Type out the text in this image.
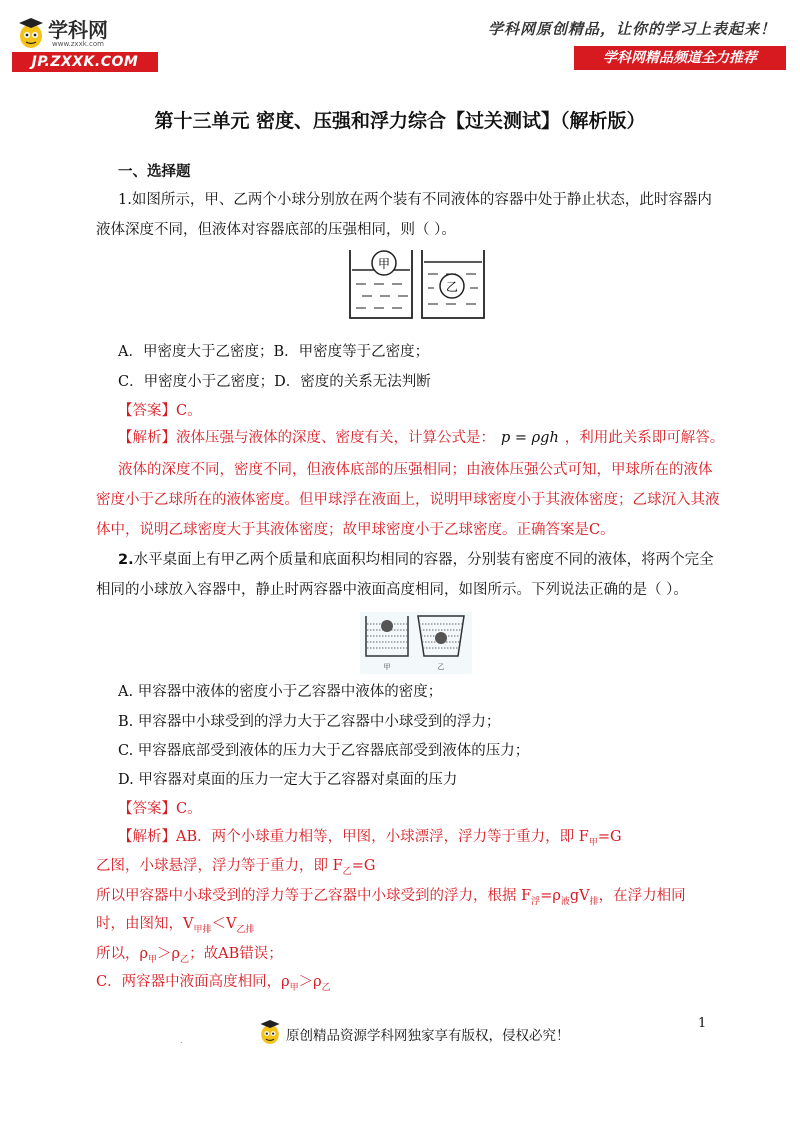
学科网
www.zxxk.com
JP.ZXXK.COM
学科网原创精品，让你的学习上表起来！
学科网精品频道全力推荐
第十三单元 密度、压强和浮力综合【过关测试】（解析版）
一、选择题
1.如图所示，甲、乙两个小球分别放在两个装有不同液体的容器中处于静止状态，此时容器内
液体深度不同，但液体对容器底部的压强相同，则（ ）。
甲
乙
A．甲密度大于乙密度；B．甲密度等于乙密度；
C．甲密度小于乙密度；D．密度的关系无法判断
【答案】C。
【解析】液体压强与液体的深度、密度有关，计算公式是： p = ρgh ，利用此关系即可解答。
液体的深度不同，密度不同，但液体底部的压强相同；由液体压强公式可知，甲球所在的液体
密度小于乙球所在的液体密度。但甲球浮在液面上，说明甲球密度小于其液体密度；乙球沉入其液
体中，说明乙球密度大于其液体密度；故甲球密度小于乙球密度。正确答案是C。
2.水平桌面上有甲乙两个质量和底面积均相同的容器，分别装有密度不同的液体，将两个完全
相同的小球放入容器中，静止时两容器中液面高度相同，如图所示。下列说法正确的是（ ）。
甲	乙
A. 甲容器中液体的密度小于乙容器中液体的密度；
B. 甲容器中小球受到的浮力大于乙容器中小球受到的浮力；
C. 甲容器底部受到液体的压力大于乙容器底部受到液体的压力；
D. 甲容器对桌面的压力一定大于乙容器对桌面的压力
【答案】C。
【解析】AB．两个小球重力相等，甲图，小球漂浮，浮力等于重力，即 $F_甲=G$
乙图，小球悬浮，浮力等于重力，即 $F_乙=G$
所以甲容器中小球受到的浮力等于乙容器中小球受到的浮力，根据 $F_浮=\rho_液gV_排$，在浮力相同
时，由图知，$V_{甲排}<V_{乙排}$
所以，$\rho_甲>\rho_乙$；故AB错误；
C．两容器中液面高度相同，$\rho_甲>\rho_乙$
1
.	原创精品资源学科网独家享有版权，侵权必究！
